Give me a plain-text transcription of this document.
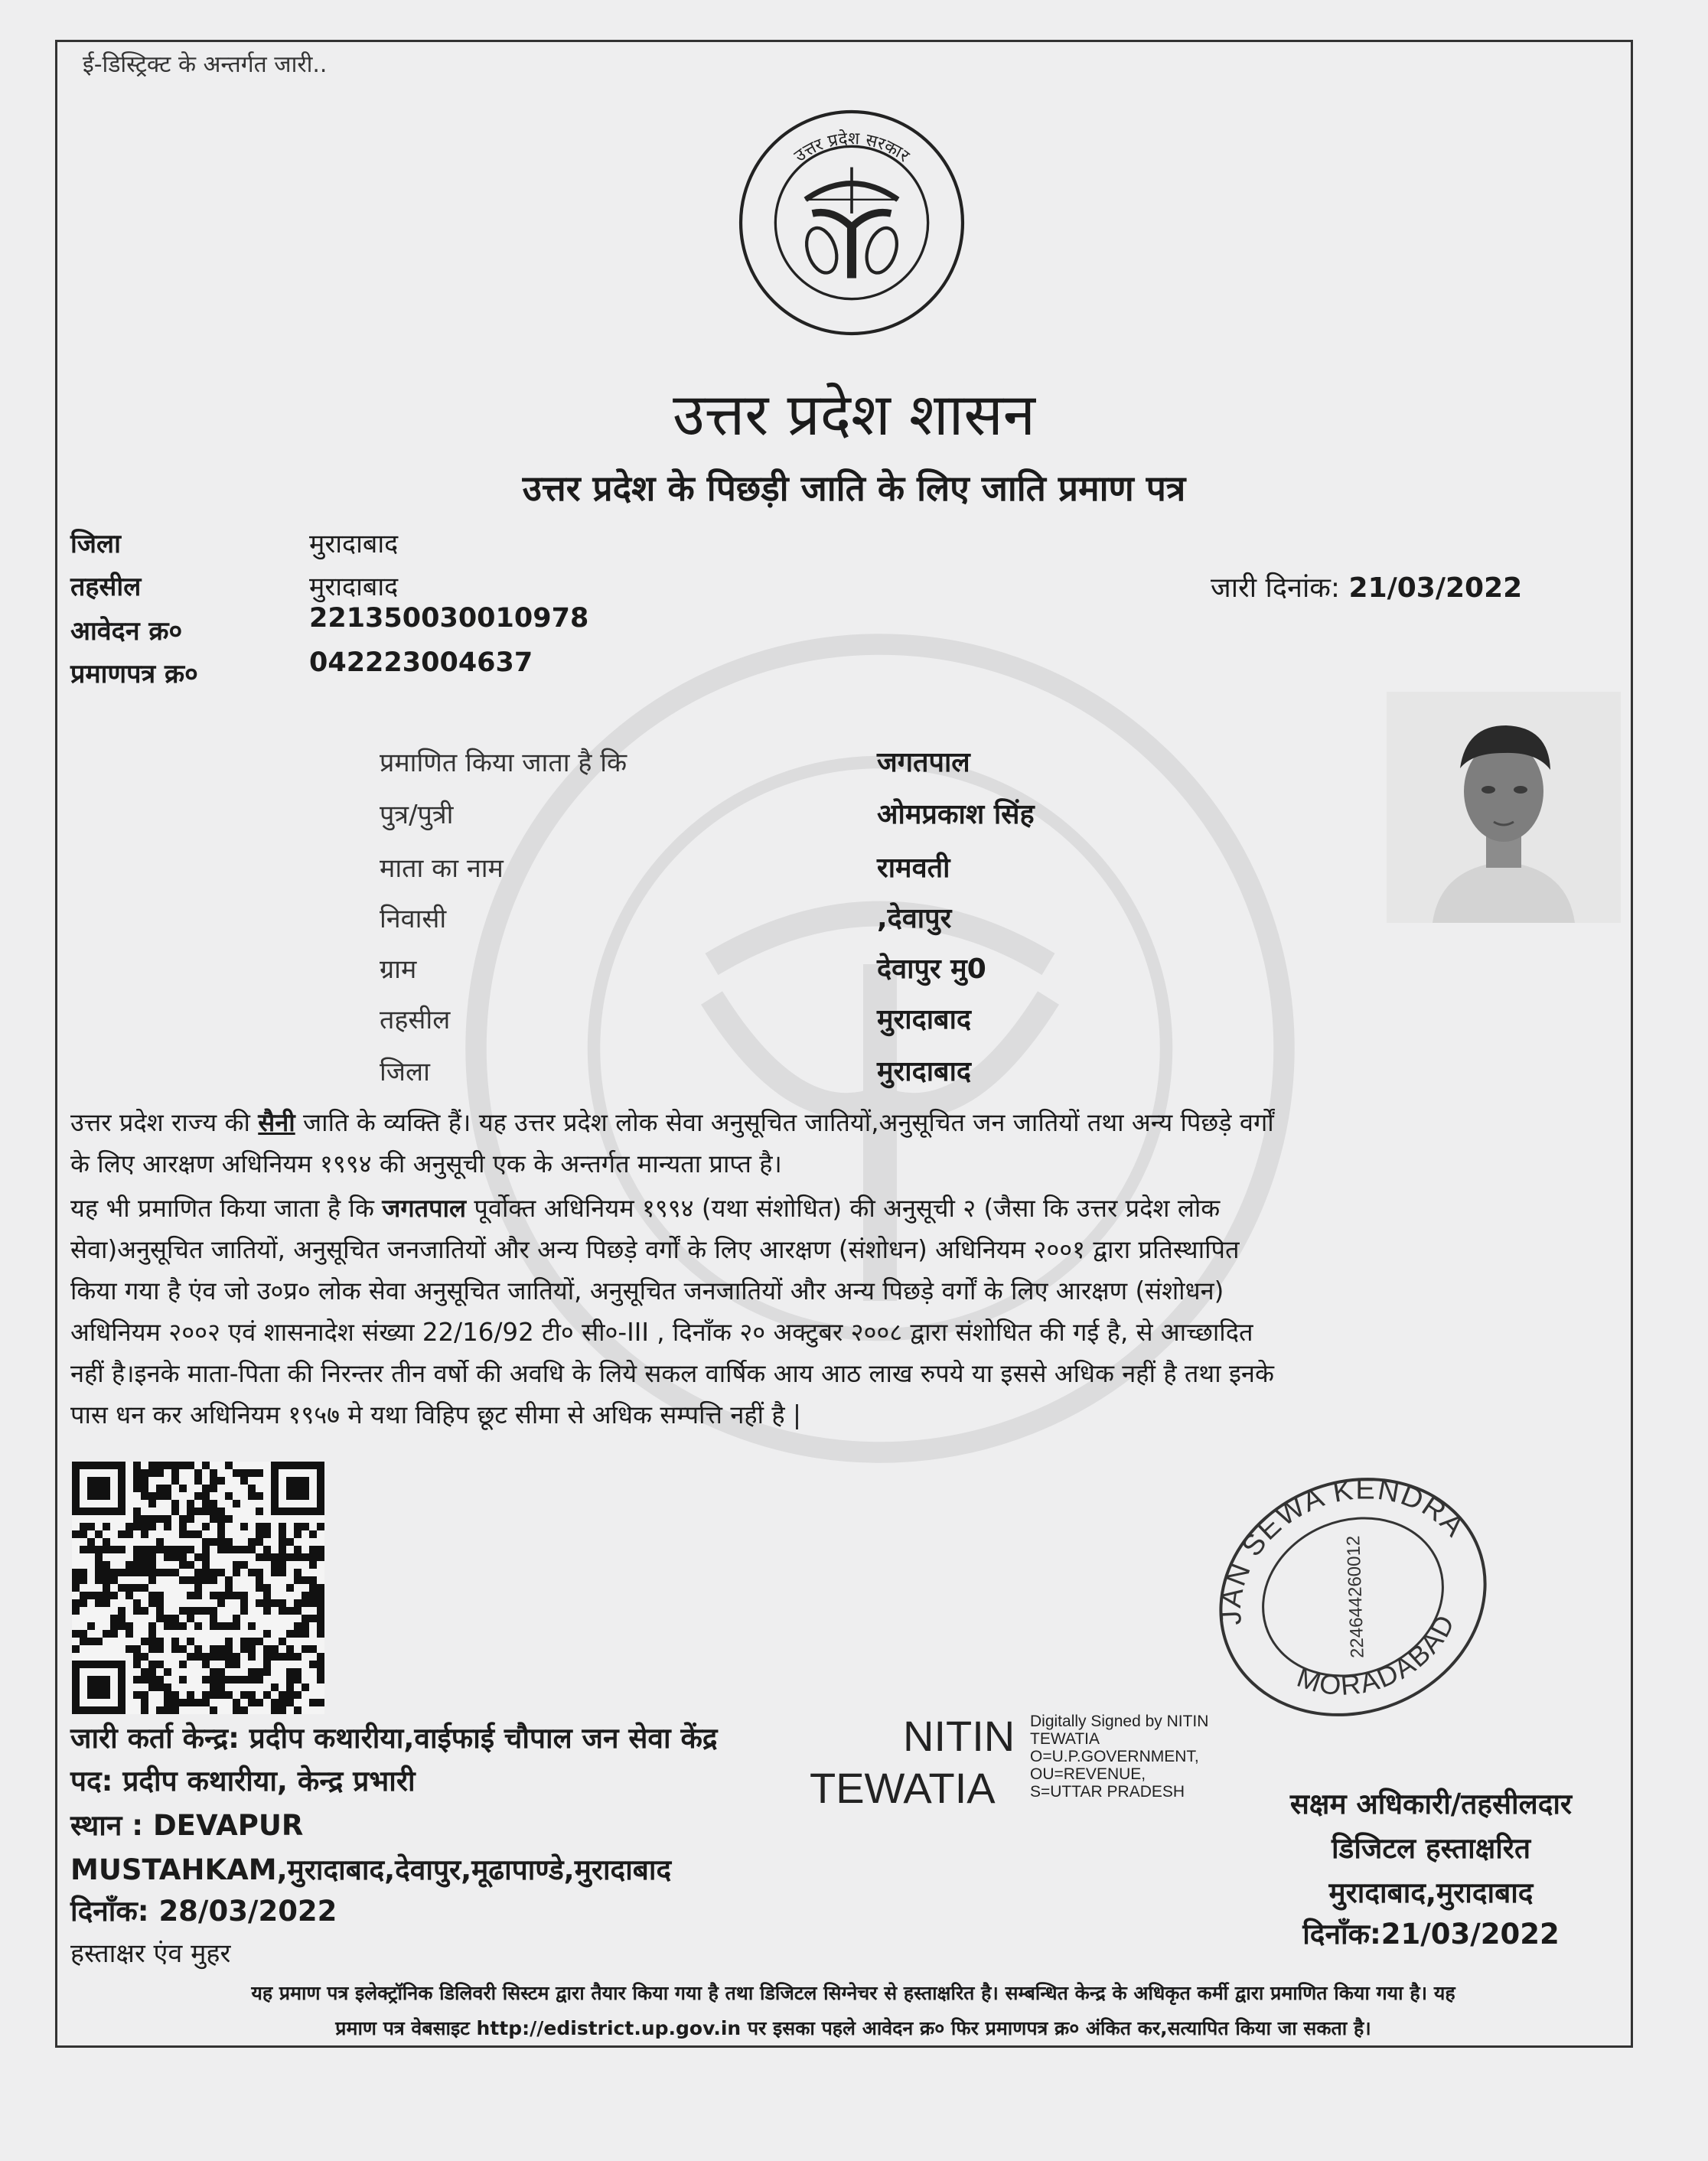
ई-डिस्ट्रिक्ट के अन्तर्गत जारी..
उत्तर प्रदेश सरकार
उत्तर प्रदेश शासन
उत्तर प्रदेश के पिछड़ी जाति के लिए जाति प्रमाण पत्र
जिला	मुरादाबाद
तहसील	मुरादाबाद
आवेदन क्र०	221350030010978
प्रमाणपत्र क्र०	042223004637
जारी दिनांक: 21/03/2022
प्रमाणित किया जाता है कि	जगतपाल
पुत्र/पुत्री	ओमप्रकाश सिंह
माता का नाम	रामवती
निवासी	,देवापुर
ग्राम	देवापुर मु0
तहसील	मुरादाबाद
जिला	मुरादाबाद
उत्तर प्रदेश राज्य की सैनी जाति के व्यक्ति हैं। यह उत्तर प्रदेश लोक सेवा अनुसूचित जातियों,अनुसूचित जन जातियों तथा अन्य पिछड़े वर्गों
के लिए आरक्षण अधिनियम १९९४ की अनुसूची एक के अन्तर्गत मान्यता प्राप्त है।
यह भी प्रमाणित किया जाता है कि जगतपाल पूर्वोक्त अधिनियम १९९४ (यथा संशोधित) की अनुसूची २ (जैसा कि उत्तर प्रदेश लोक
सेवा)अनुसूचित जातियों, अनुसूचित जनजातियों और अन्य पिछड़े वर्गों के लिए आरक्षण (संशोधन) अधिनियम २००१ द्वारा प्रतिस्थापित
किया गया है एंव जो उ०प्र० लोक सेवा अनुसूचित जातियों, अनुसूचित जनजातियों और अन्य पिछड़े वर्गों के लिए आरक्षण (संशोधन)
अधिनियम २००२ एवं शासनादेश संख्या 22/16/92 टी० सी०-III , दिनाँक २० अक्टुबर २००८ द्वारा संशोधित की गई है, से आच्छादित
नहीं है।इनके माता-पिता की निरन्तर तीन वर्षो की अवधि के लिये सकल वार्षिक आय आठ लाख रुपये या इससे अधिक नहीं है तथा इनके
पास धन कर अधिनियम १९५७ मे यथा विहिप छूट सीमा से अधिक सम्पत्ति नहीं है |
जारी कर्ता केन्द्र: प्रदीप कथारीया,वाईफाई चौपाल जन सेवा केंद्र
पद: प्रदीप कथारीया, केन्द्र प्रभारी
स्थान : DEVAPUR
MUSTAHKAM,मुरादाबाद,देवापुर,मूढापाण्डे,मुरादाबाद
दिनाँक: 28/03/2022
हस्ताक्षर एंव मुहर
NITIN
TEWATIA
Digitally Signed by NITIN
TEWATIA
O=U.P.GOVERNMENT,
OU=REVENUE,
S=UTTAR PRADESH
JAN SEWA KENDRA
MORADABAD
224644260012
सक्षम अधिकारी/तहसीलदार
डिजिटल हस्ताक्षरित
मुरादाबाद,मुरादाबाद
दिनाँक:21/03/2022
यह प्रमाण पत्र इलेक्ट्रॉनिक डिलिवरी सिस्टम द्वारा तैयार किया गया है तथा डिजिटल सिग्नेचर से हस्ताक्षरित है। सम्बन्धित केन्द्र के अधिकृत कर्मी द्वारा प्रमाणित किया गया है। यह
प्रमाण पत्र वेबसाइट http://edistrict.up.gov.in पर इसका पहले आवेदन क्र० फिर प्रमाणपत्र क्र० अंकित कर,सत्यापित किया जा सकता है।
